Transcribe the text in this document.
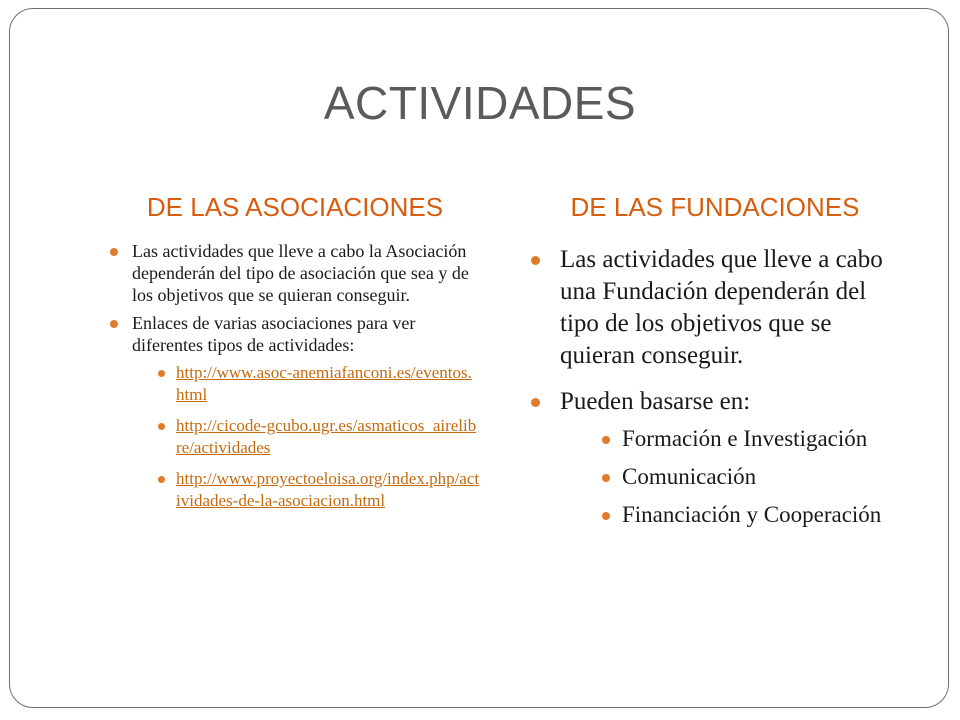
ACTIVIDADES
DE LAS ASOCIACIONES	DE LAS FUNDACIONES
Las actividades que lleve a cabo la Asociación dependerán del tipo de asociación que sea y de los objetivos que se quieran conseguir.
Enlaces de varias asociaciones para ver diferentes tipos de actividades:
http://www.asoc-anemiafanconi.es/eventos.html
http://cicode-gcubo.ugr.es/asmaticos_airelibre/actividades
http://www.proyectoeloisa.org/index.php/actividades-de-la-asociacion.html
Las actividades que lleve a cabo una Fundación dependerán del tipo de los objetivos que se quieran conseguir.
Pueden basarse en:
Formación e Investigación
Comunicación
Financiación y Cooperación
